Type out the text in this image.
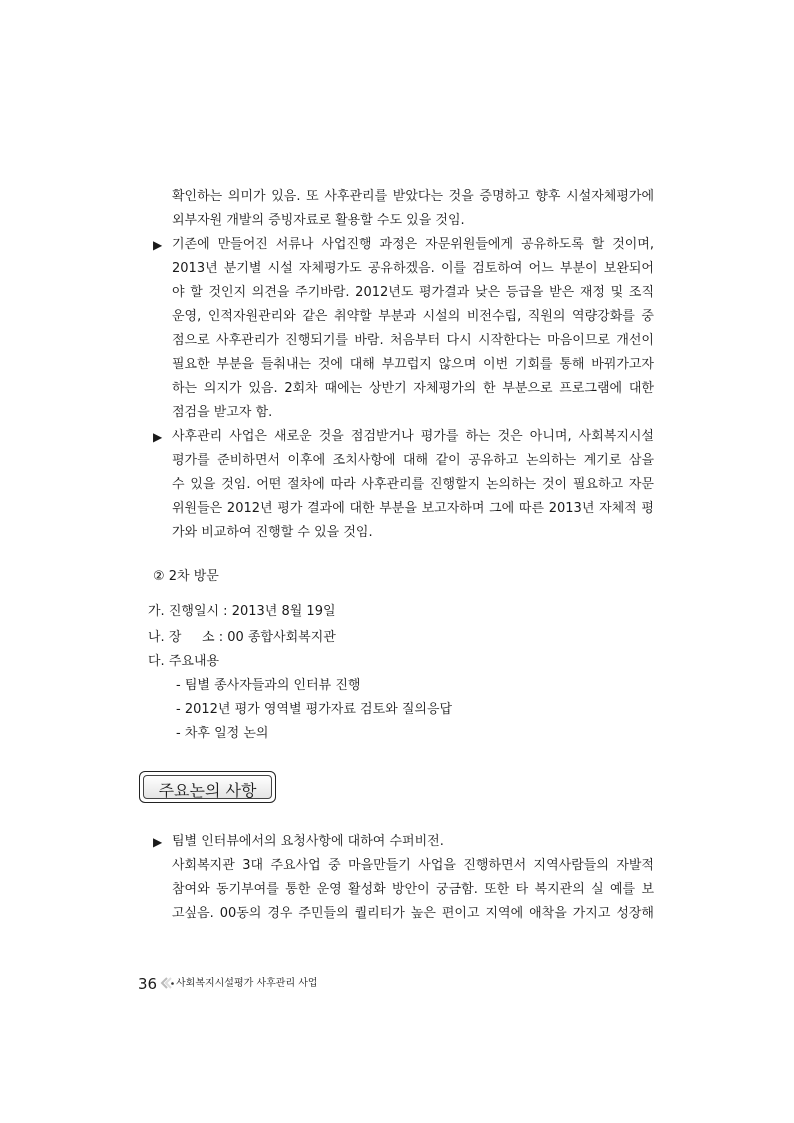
확인하는 의미가 있음. 또 사후관리를 받았다는 것을 증명하고 향후 시설자체평가에
외부자원 개발의 증빙자료로 활용할 수도 있을 것임.
▶ 기존에 만들어진 서류나 사업진행 과정은 자문위원들에게 공유하도록 할 것이며,
2013년 분기별 시설 자체평가도 공유하겠음. 이를 검토하여 어느 부분이 보완되어
야 할 것인지 의견을 주기바람. 2012년도 평가결과 낮은 등급을 받은 재정 및 조직
운영, 인적자원관리와 같은 취약할 부분과 시설의 비전수립, 직원의 역량강화를 중
점으로 사후관리가 진행되기를 바람. 처음부터 다시 시작한다는 마음이므로 개선이
필요한 부분을 들춰내는 것에 대해 부끄럽지 않으며 이번 기회를 통해 바꿔가고자
하는 의지가 있음. 2회차 때에는 상반기 자체평가의 한 부분으로 프로그램에 대한
점검을 받고자 함.
▶ 사후관리 사업은 새로운 것을 점검받거나 평가를 하는 것은 아니며, 사회복지시설
평가를 준비하면서 이후에 조치사항에 대해 같이 공유하고 논의하는 계기로 삼을
수 있을 것임. 어떤 절차에 따라 사후관리를 진행할지 논의하는 것이 필요하고 자문
위원들은 2012년 평가 결과에 대한 부분을 보고자하며 그에 따른 2013년 자체적 평
가와 비교하여 진행할 수 있을 것임.
② 2차 방문
가. 진행일시 : 2013년 8월 19일
나. 장     소 : 00 종합사회복지관
다. 주요내용
- 팀별 종사자들과의 인터뷰 진행
- 2012년 평가 영역별 평가자료 검토와 질의응답
- 차후 일정 논의
주요논의 사항
▶ 팀별 인터뷰에서의 요청사항에 대하여 수퍼비전.
사회복지관 3대 주요사업 중 마을만들기 사업을 진행하면서 지역사람들의 자발적
참여와 동기부여를 통한 운영 활성화 방안이 궁금함. 또한 타 복지관의 실 예를 보
고싶음. 00동의 경우 주민들의 퀄리티가 높은 편이고 지역에 애착을 가지고 성장해
36 사회복지시설평가 사후관리 사업
